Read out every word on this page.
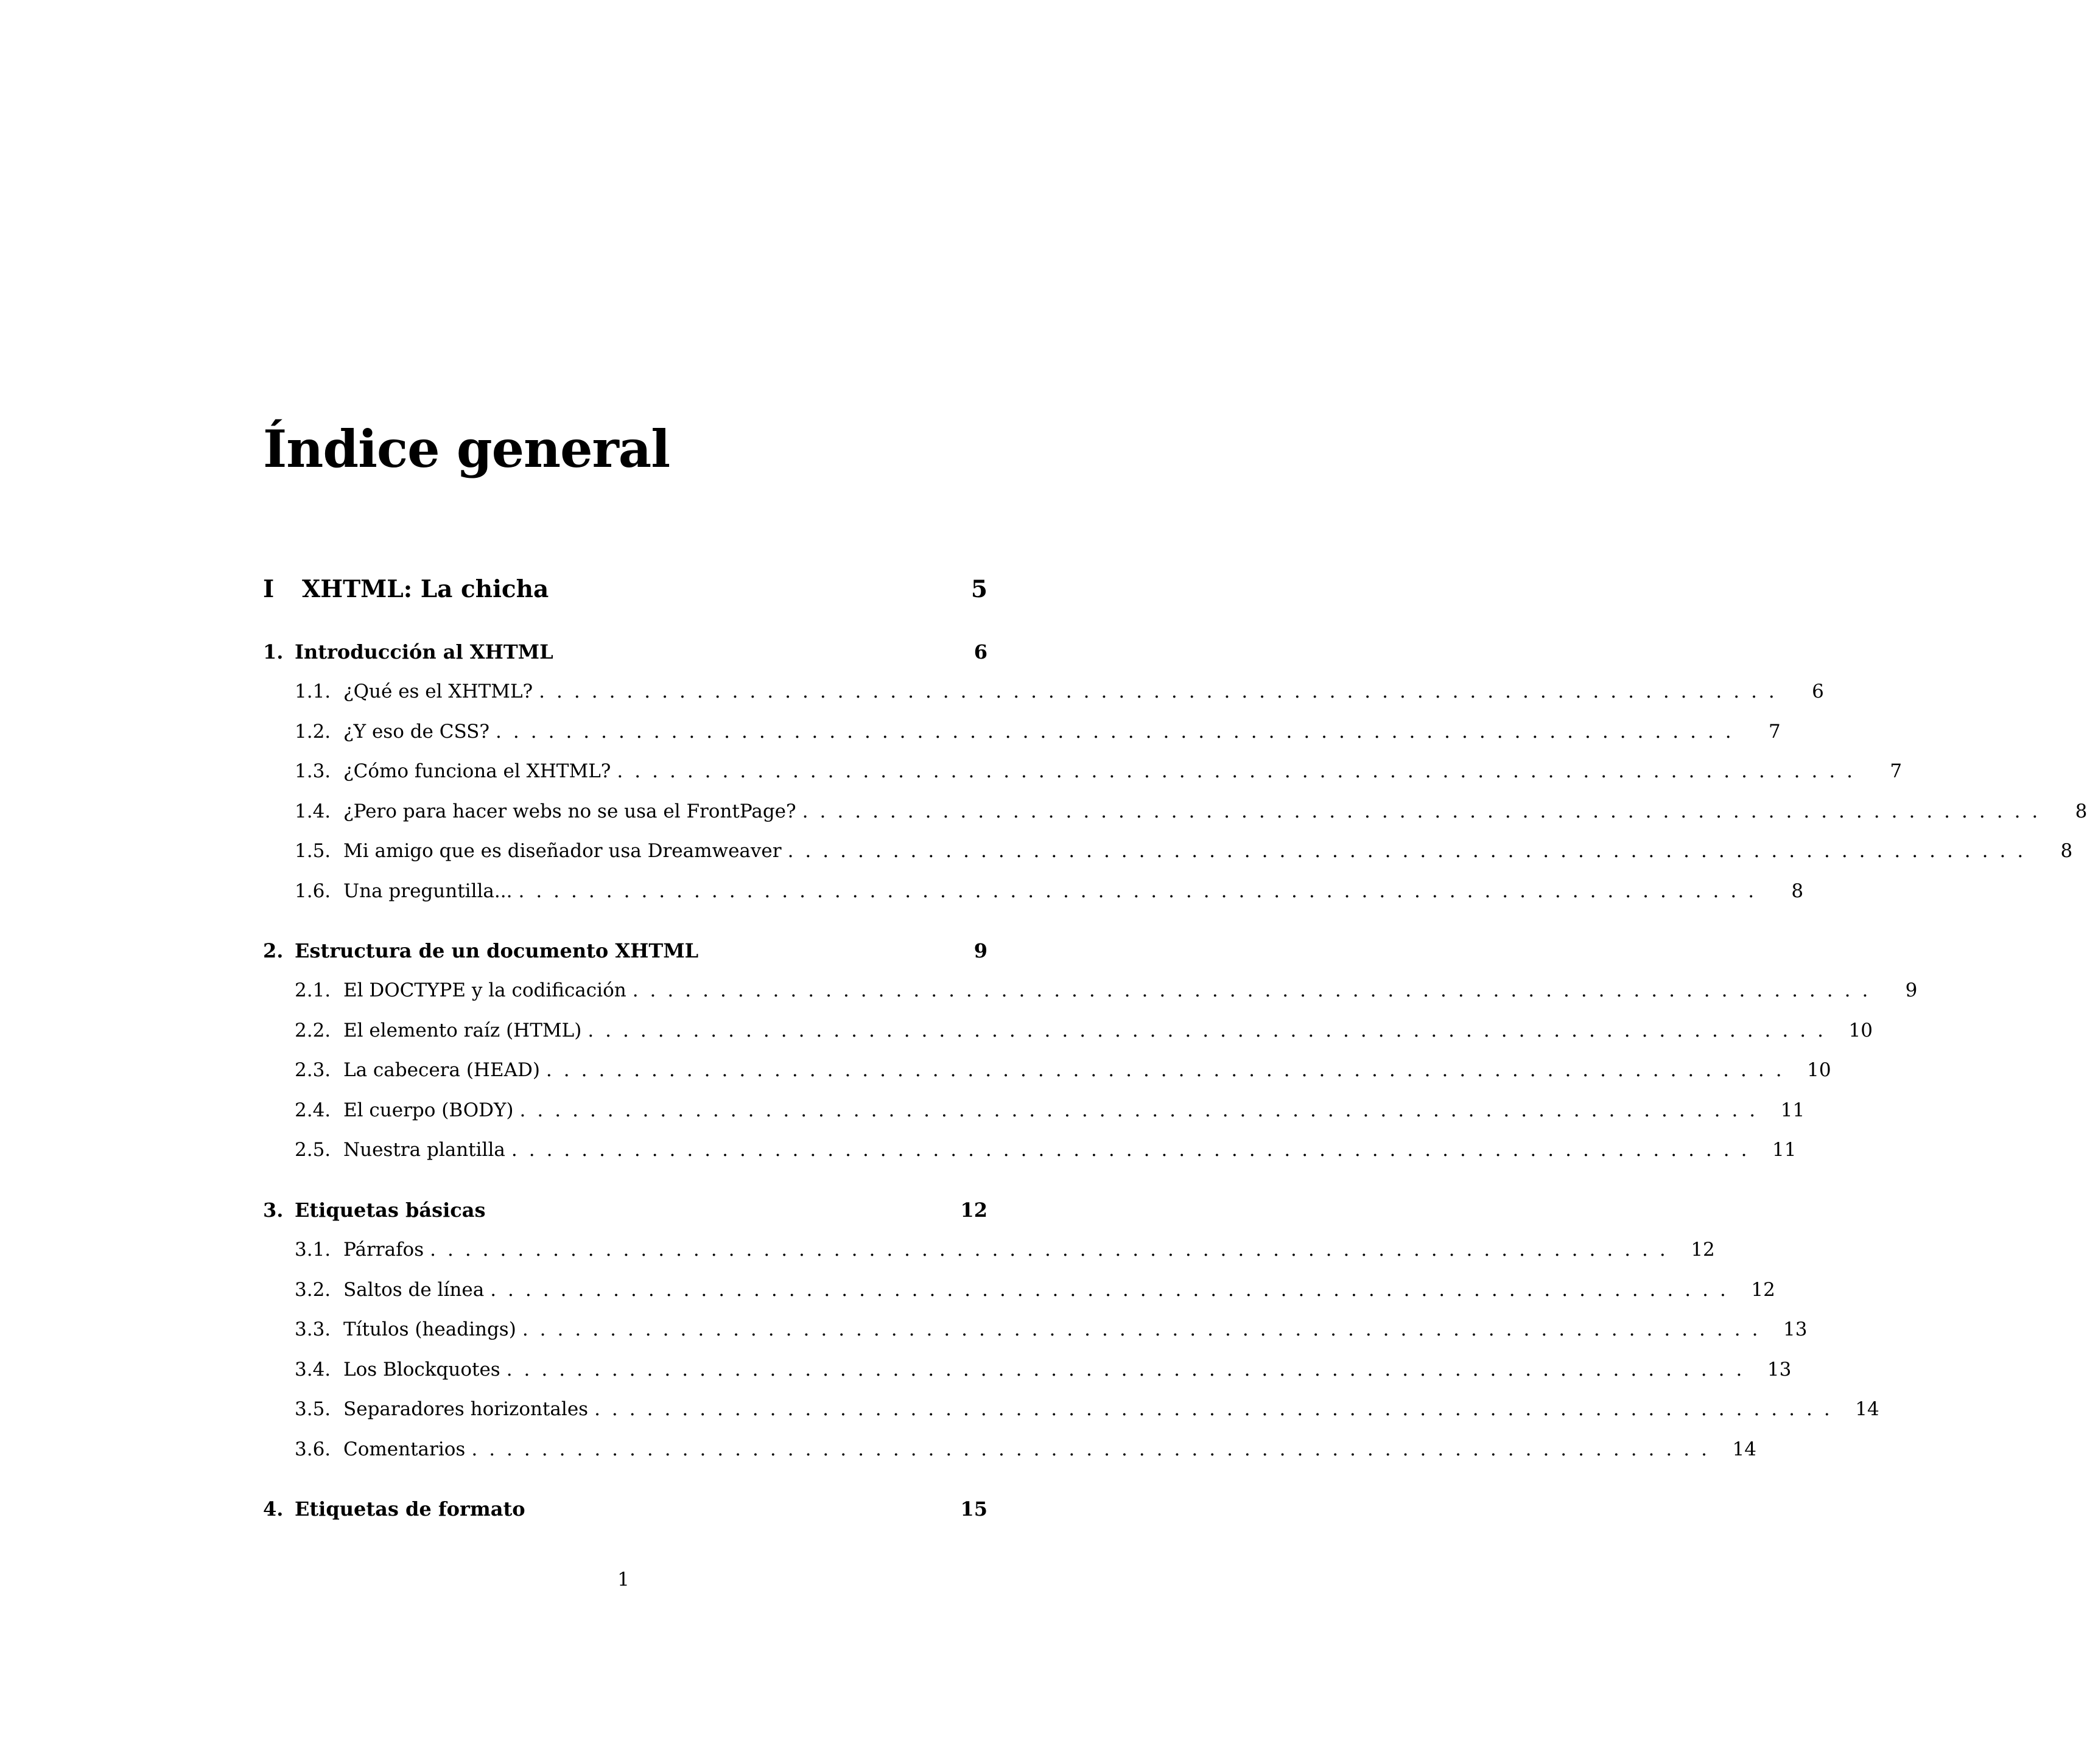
Índice general
I	XHTML: La chicha	5
1. Introducción al XHTML	6
1.1. ¿Qué es el XHTML? .......................................................................	6
1.2. ¿Y eso de CSS? .......................................................................	7
1.3. ¿Cómo funciona el XHTML? .......................................................................	7
1.4. ¿Pero para hacer webs no se usa el FrontPage? .......................................................................	8
1.5. Mi amigo que es diseñador usa Dreamweaver .......................................................................	8
1.6. Una preguntilla... .......................................................................	8
2. Estructura de un documento XHTML	9
2.1. El DOCTYPE y la codificación .......................................................................	9
2.2. El elemento raíz (HTML) ....................................................................... 10
2.3. La cabecera (HEAD) ....................................................................... 10
2.4. El cuerpo (BODY) ....................................................................... 11
2.5. Nuestra plantilla ....................................................................... 11
3. Etiquetas básicas	12
3.1. Párrafos ....................................................................... 12
3.2. Saltos de línea ....................................................................... 12
3.3. Títulos (headings) ....................................................................... 13
3.4. Los Blockquotes ....................................................................... 13
3.5. Separadores horizontales ....................................................................... 14
3.6. Comentarios ....................................................................... 14
4. Etiquetas de formato	15
1
